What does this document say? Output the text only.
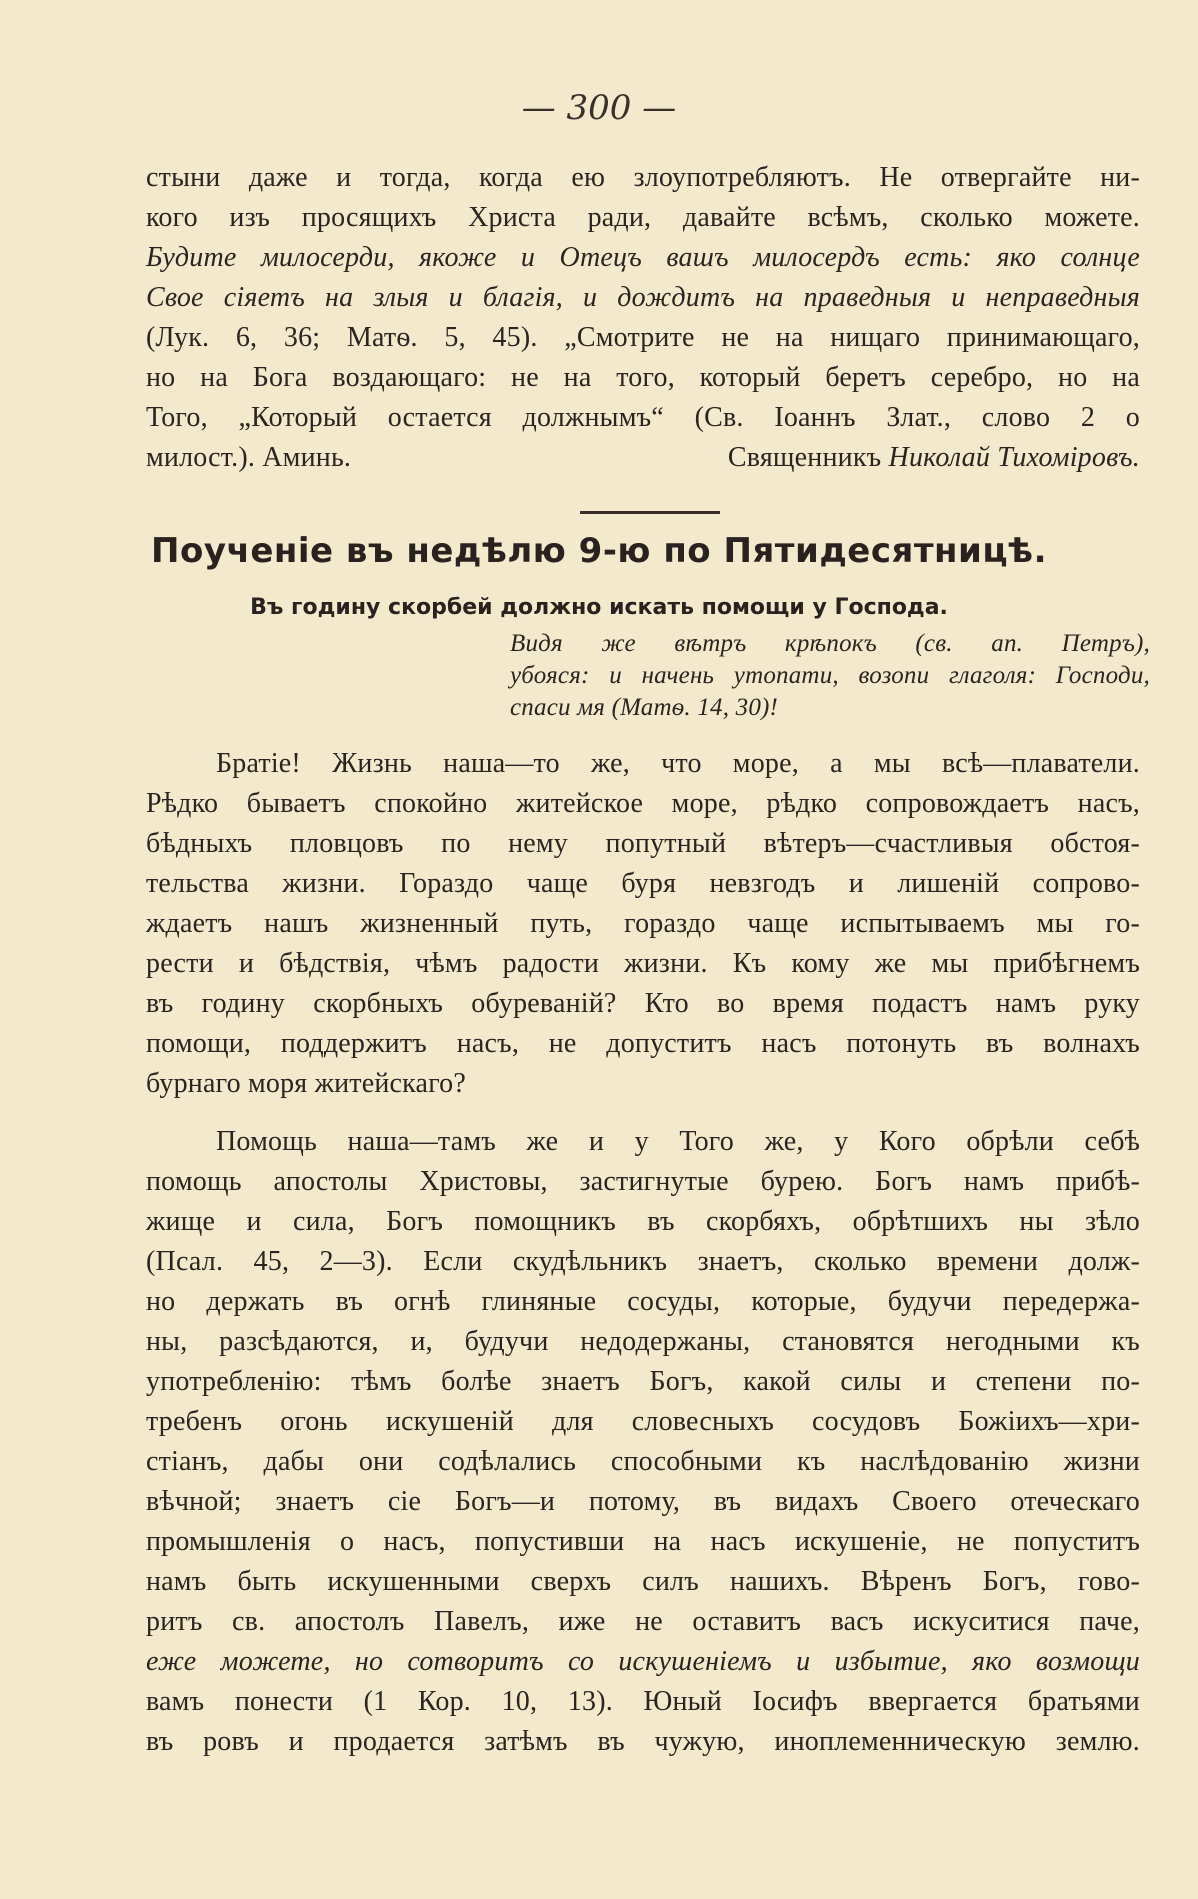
— 300 —
стыни даже и тогда, когда ею злоупотребляютъ. Не отвергайте ни-
кого изъ просящихъ Христа ради, давайте всѣмъ, сколько можете.
Будите милосерди, якоже и Отецъ вашъ милосердъ есть: яко солнце
Свое сіяетъ на злыя и благія, и дождитъ на праведныя и неправедныя
(Лук. 6, 36; Матѳ. 5, 45). „Смотрите не на нищаго принимающаго,
но на Бога воздающаго: не на того, который беретъ серебро, но на
Того, „Который остается должнымъ“ (Св. Іоаннъ Злат., слово 2 о
милост.). Аминь.	Священникъ Николай Тихоміровъ.
Поученіе въ недѣлю 9-ю по Пятидесятницѣ.
Въ годину скорбей должно искать помощи у Господа.
Видя же вѣтръ крѣпокъ (св. ап. Петръ),
убояся: и начень утопати, возопи глаголя: Господи,
спаси мя (Матѳ. 14, 30)!
Братіе! Жизнь наша—то же, что море, а мы всѣ—плаватели.
Рѣдко бываетъ спокойно житейское море, рѣдко сопровождаетъ насъ,
бѣдныхъ пловцовъ по нему попутный вѣтеръ—счастливыя обстоя-
тельства жизни. Гораздо чаще буря невзгодъ и лишеній сопрово-
ждаетъ нашъ жизненный путь, гораздо чаще испытываемъ мы го-
рести и бѣдствія, чѣмъ радости жизни. Къ кому же мы прибѣгнемъ
въ годину скорбныхъ обуреваній? Кто во время подастъ намъ руку
помощи, поддержитъ насъ, не допуститъ насъ потонуть въ волнахъ
бурнаго моря житейскаго?
Помощь наша—тамъ же и у Того же, у Кого обрѣли себѣ
помощь апостолы Христовы, застигнутые бурею. Богъ намъ прибѣ-
жище и сила, Богъ помощникъ въ скорбяхъ, обрѣтшихъ ны зѣло
(Псал. 45, 2—3). Если скудѣльникъ знаетъ, сколько времени долж-
но держать въ огнѣ глиняные сосуды, которые, будучи передержа-
ны, разсѣдаются, и, будучи недодержаны, становятся негодными къ
употребленію: тѣмъ болѣе знаетъ Богъ, какой силы и степени по-
требенъ огонь искушеній для словесныхъ сосудовъ Божіихъ—хри-
стіанъ, дабы они содѣлались способными къ наслѣдованію жизни
вѣчной; знаетъ сіе Богъ—и потому, въ видахъ Своего отеческаго
промышленія о насъ, попустивши на насъ искушеніе, не попуститъ
намъ быть искушенными сверхъ силъ нашихъ. Вѣренъ Богъ, гово-
ритъ св. апостолъ Павелъ, иже не оставитъ васъ искуситися паче,
еже можете, но сотворитъ со искушеніемъ и избытие, яко возмощи
вамъ понести (1 Кор. 10, 13). Юный Іосифъ ввергается братьями
въ ровъ и продается затѣмъ въ чужую, иноплеменническую землю.
